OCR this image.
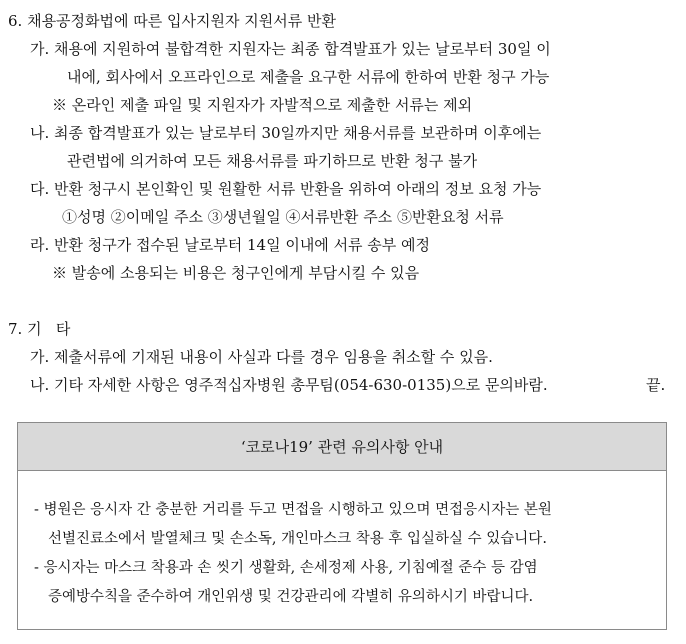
6. 채용공정화법에 따른 입사지원자 지원서류 반환
가. 채용에 지원하여 불합격한 지원자는 최종 합격발표가 있는 날로부터 30일 이
내에, 회사에서 오프라인으로 제출을 요구한 서류에 한하여 반환 청구 가능
※ 온라인 제출 파일 및 지원자가 자발적으로 제출한 서류는 제외
나. 최종 합격발표가 있는 날로부터 30일까지만 채용서류를 보관하며 이후에는
관련법에 의거하여 모든 채용서류를 파기하므로 반환 청구 불가
다. 반환 청구시 본인확인 및 원활한 서류 반환을 위하여 아래의 정보 요청 가능
①성명 ②이메일 주소 ③생년월일 ④서류반환 주소 ⑤반환요청 서류
라. 반환 청구가 접수된 날로부터 14일 이내에 서류 송부 예정
※ 발송에 소용되는 비용은 청구인에게 부담시킬 수 있음
7. 기   타
가. 제출서류에 기재된 내용이 사실과 다를 경우 임용을 취소할 수 있음.
나. 기타 자세한 사항은 영주적십자병원 총무팀(054-630-0135)으로 문의바람.	끝.
‘코로나19’ 관련 유의사항 안내
- 병원은 응시자 간 충분한 거리를 두고 면접을 시행하고 있으며 면접응시자는 본원
선별진료소에서 발열체크 및 손소독, 개인마스크 착용 후 입실하실 수 있습니다.
- 응시자는 마스크 착용과 손 씻기 생활화, 손세정제 사용, 기침예절 준수 등 감염
증예방수칙을 준수하여 개인위생 및 건강관리에 각별히 유의하시기 바랍니다.
